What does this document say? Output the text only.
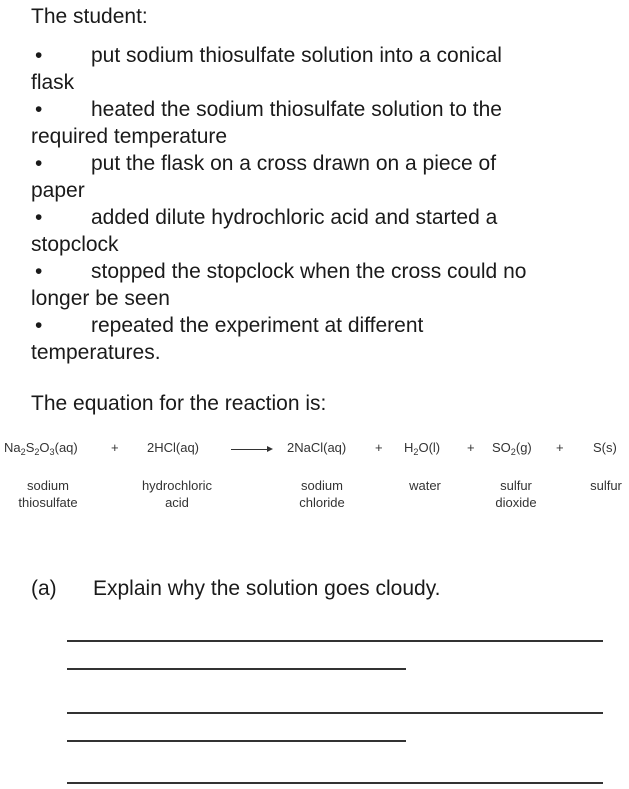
The student:
• put sodium thiosulfate solution into a conical
flask
• heated the sodium thiosulfate solution to the
required temperature
• put the flask on a cross drawn on a piece of
paper
• added dilute hydrochloric acid and started a
stopclock
• stopped the stopclock when the cross could no
longer be seen
• repeated the experiment at different
temperatures.
The equation for the reaction is:
$Na_2S_2O_3(aq)$	+ 2HCl(aq) → 2NaCl(aq) + $H_2O(l) + SO_2(g) + S(s)$
sodium
thiosulfate
hydrochloric
acid
sodium
chloride
water	sulfur
dioxide
sulfur
(a) Explain why the solution goes cloudy.
